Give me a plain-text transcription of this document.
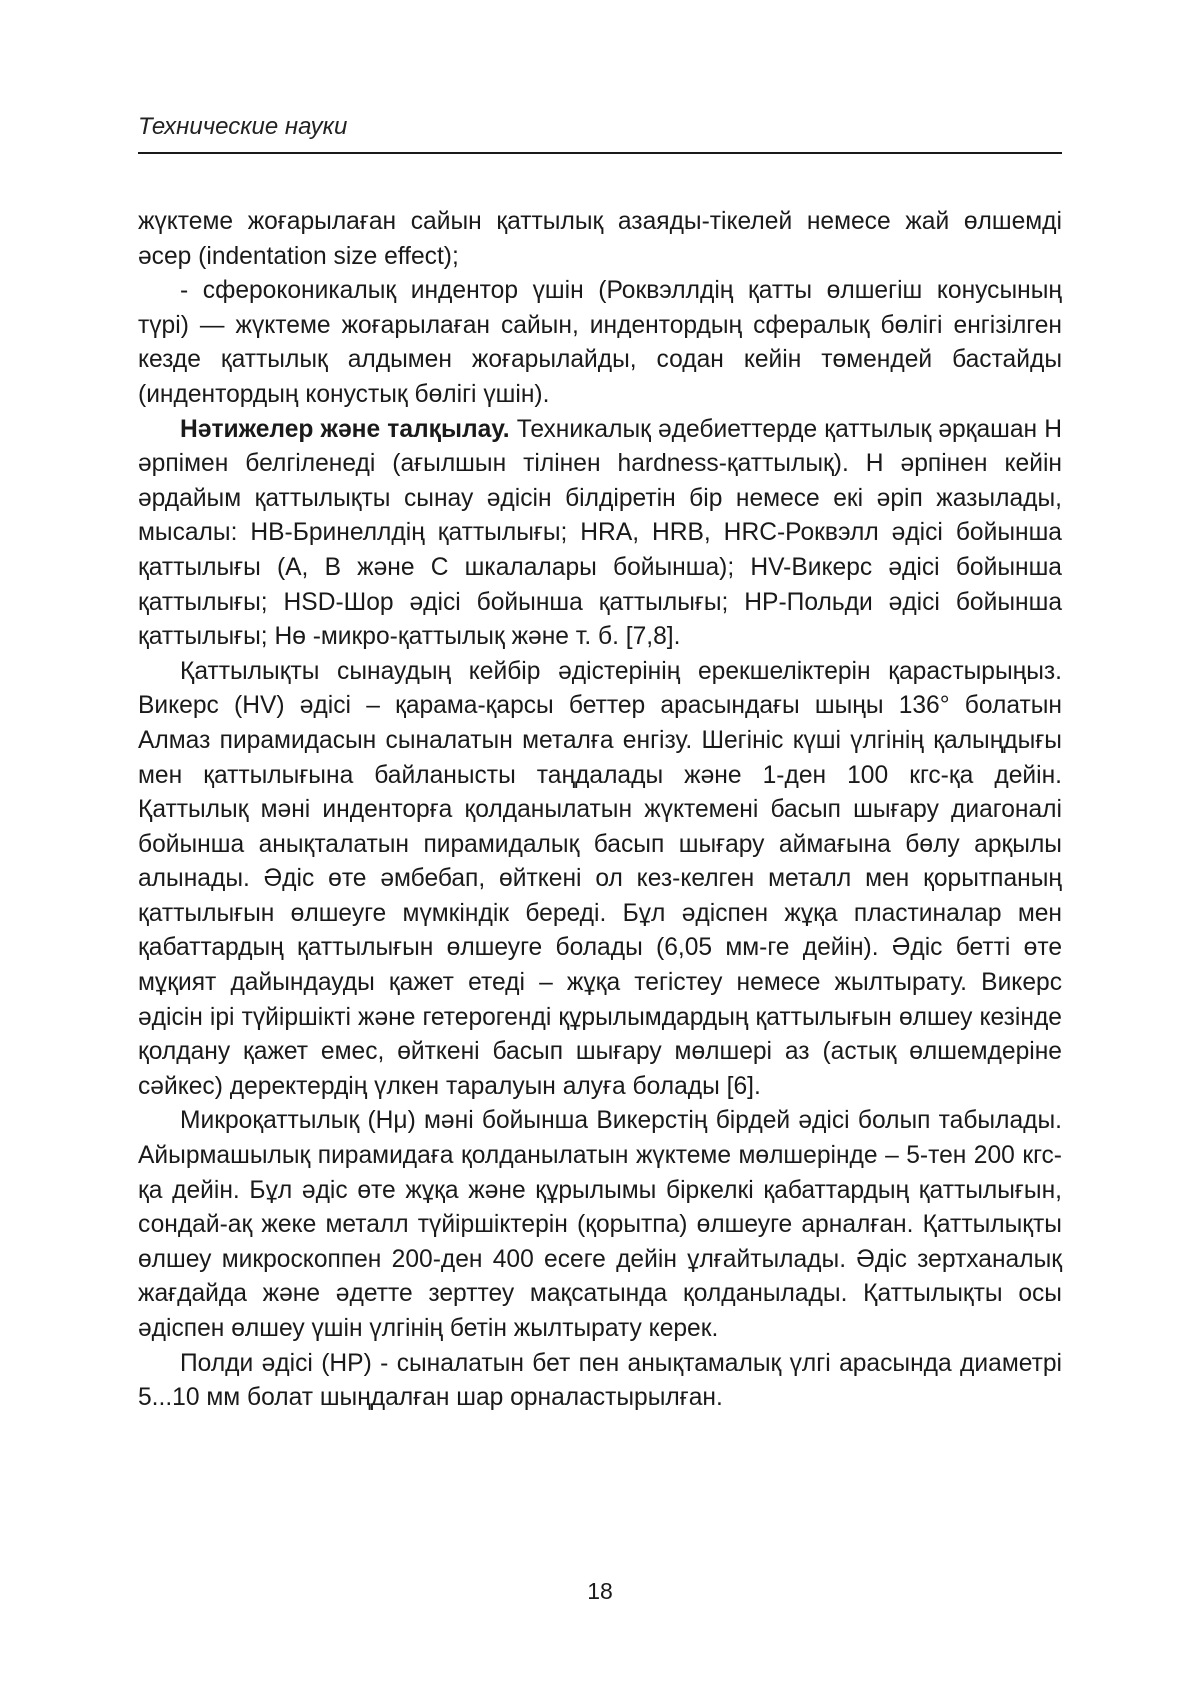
Технические науки

жүктеме жоғарылаған сайын қаттылық азаяды-тікелей немесе жай өлшемді әсер (indentation size effect);

- сфероконикалық индентор үшін (Роквэллдің қатты өлшегіш конусының түрі) — жүктеме жоғарылаған сайын, индентордың сфералық бөлігі енгізілген кезде қаттылық алдымен жоғарылайды, содан кейін төмендей бастайды (индентордың конустық бөлігі үшін).

Нәтижелер және талқылау. Техникалық әдебиеттерде қаттылық әрқашан H әрпімен белгіленеді (ағылшын тілінен hardness-қаттылық). H әрпінен кейін әрдайым қаттылықты сынау әдісін білдіретін бір немесе екі әріп жазылады, мысалы: HB-Бринеллдің қаттылығы; HRA, HRB, HRC-Роквэлл әдісі бойынша қаттылығы (A, B және C шкалалары бойынша); HV-Викерс әдісі бойынша қаттылығы; HSD-Шор әдісі бойынша қаттылығы; HP-Польди әдісі бойынша қаттылығы; Hө -микро-қаттылық және т. б. [7,8].

Қаттылықты сынаудың кейбір әдістерінің ерекшеліктерін қарастырыңыз. Викерс (HV) әдісі – қарама-қарсы беттер арасындағы шыңы 136° болатын Алмаз пирамидасын сыналатын металға енгізу. Шегініс күші үлгінің қалыңдығы мен қаттылығына байланысты таңдалады және 1-ден 100 кгс-қа дейін. Қаттылық мәні инденторға қолданылатын жүктемені басып шығару диагоналі бойынша анықталатын пирамидалық басып шығару аймағына бөлу арқылы алынады. Әдіс өте әмбебап, өйткені ол кез-келген металл мен қорытпаның қаттылығын өлшеуге мүмкіндік береді. Бұл әдіспен жұқа пластиналар мен қабаттардың қаттылығын өлшеуге болады (6,05 мм-ге дейін). Әдіс бетті өте мұқият дайындауды қажет етеді – жұқа тегістеу немесе жылтырату. Викерс әдісін ірі түйіршікті және гетерогенді құрылымдардың қаттылығын өлшеу кезінде қолдану қажет емес, өйткені басып шығару мөлшері аз (астық өлшемдеріне сәйкес) деректердің үлкен таралуын алуға болады [6].

Микроқаттылық (Hμ) мәні бойынша Викерстің бірдей әдісі болып табылады. Айырмашылық пирамидаға қолданылатын жүктеме мөлшерінде – 5-тен 200 кгс-қа дейін. Бұл әдіс өте жұқа және құрылымы біркелкі қабаттардың қаттылығын, сондай-ақ жеке металл түйіршіктерін (қорытпа) өлшеуге арналған. Қаттылықты өлшеу микроскоппен 200-ден 400 есеге дейін ұлғайтылады. Әдіс зертханалық жағдайда және әдетте зерттеу мақсатында қолданылады. Қаттылықты осы әдіспен өлшеу үшін үлгінің бетін жылтырату керек.

Полди әдісі (HP) - сыналатын бет пен анықтамалық үлгі арасында диаметрі 5...10 мм болат шыңдалған шар орналастырылған.

18
